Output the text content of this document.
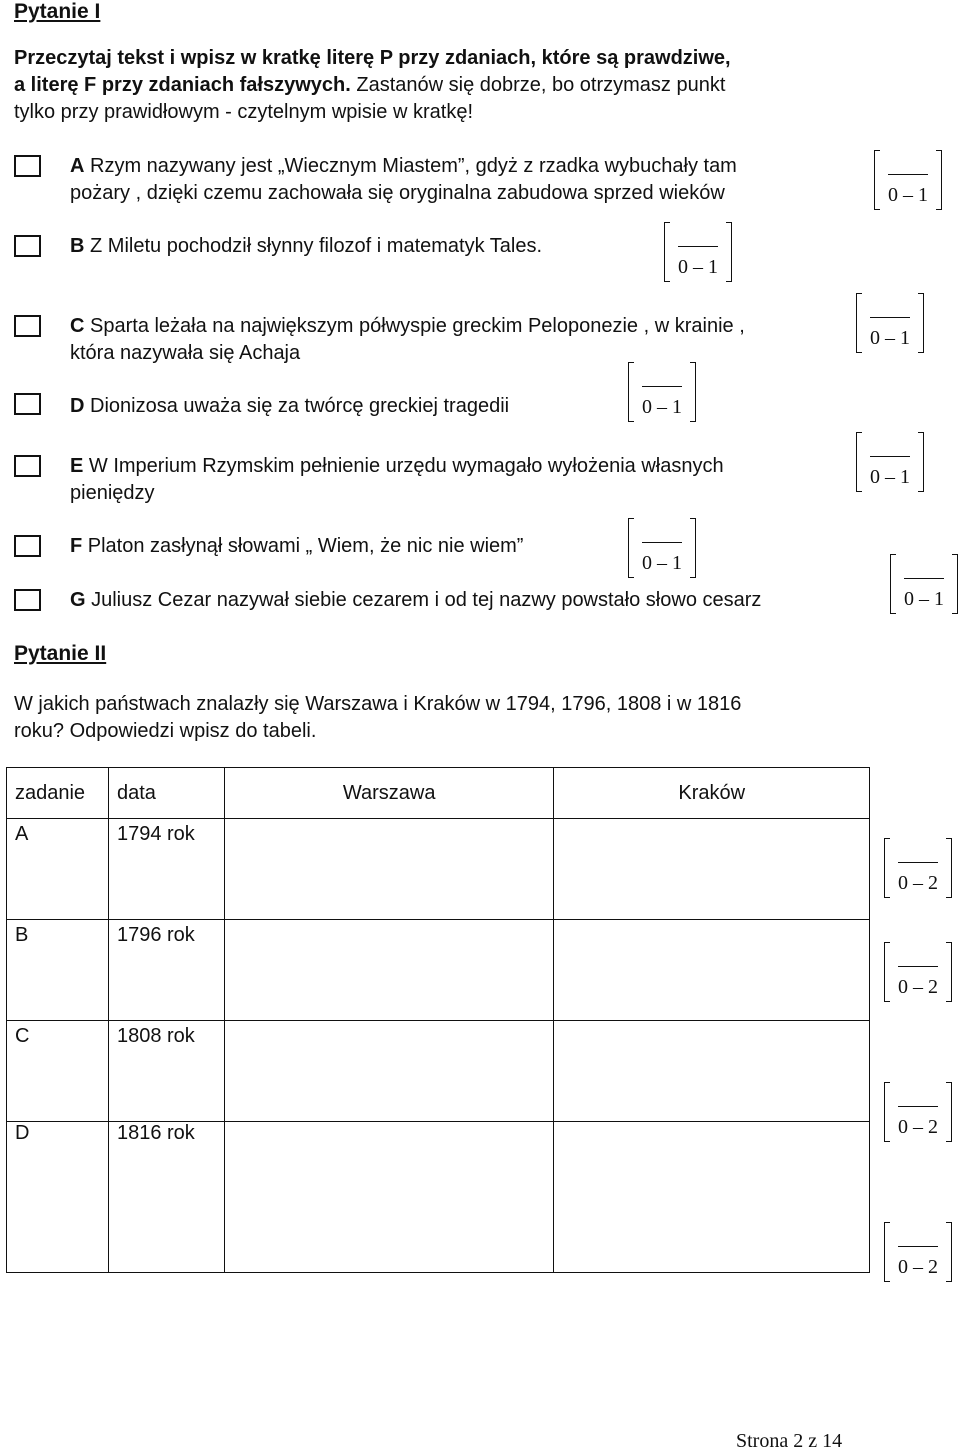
Pytanie I
Przeczytaj tekst i wpisz w kratkę literę P przy zdaniach, które są prawdziwe,
a literę F przy zdaniach fałszywych. Zastanów się dobrze, bo otrzymasz punkt
tylko przy prawidłowym - czytelnym wpisie w kratkę!
A Rzym nazywany jest „Wiecznym Miastem”, gdyż z rzadka wybuchały tam
pożary , dzięki czemu zachowała się oryginalna zabudowa sprzed wieków	0 – 1
B Z Miletu pochodził słynny filozof i matematyk Tales.
0 – 1
C Sparta leżała na największym półwyspie greckim Peloponezie , w krainie ,
która nazywała się Achaja
0 – 1
D Dionizosa uważa się za twórcę greckiej tragedii	0 – 1
E W Imperium Rzymskim pełnienie urzędu wymagało wyłożenia własnych
pieniędzy
0 – 1
F Platon zasłynął słowami „ Wiem, że nic nie wiem”
0 – 1
G Juliusz Cezar nazywał siebie cezarem i od tej nazwy powstało słowo cesarz	0 – 1
Pytanie II
W jakich państwach znalazły się Warszawa i Kraków w 1794, 1796, 1808 i w 1816
roku? Odpowiedzi wpisz do tabeli.
zadanie	data	Warszawa	Kraków

A	1794 rok		

B	1796 rok		

C	1808 rok		

D	1816 rok		

0 – 2
0 – 2
0 – 2
0 – 2
Strona 2 z 14
